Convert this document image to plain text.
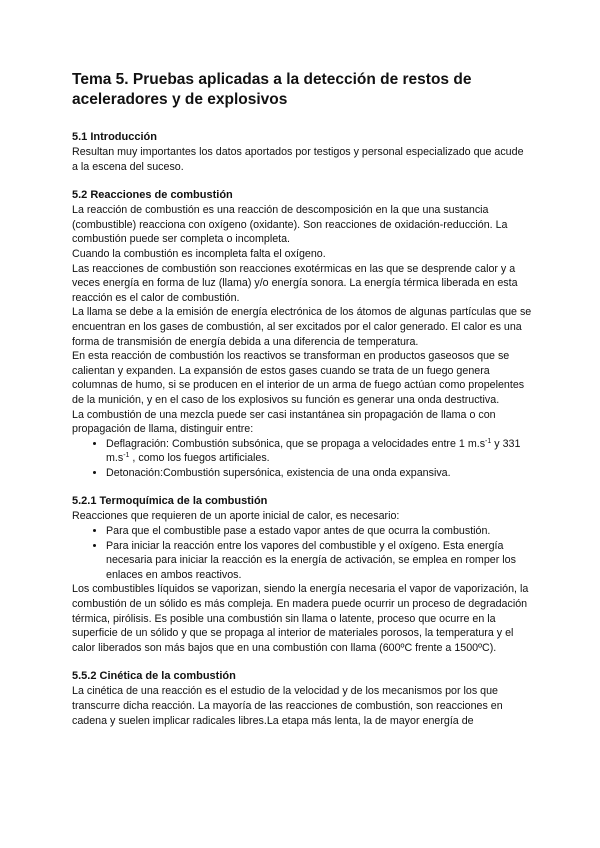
Tema 5. Pruebas aplicadas a la detección de restos de aceleradores y de explosivos
5.1 Introducción

Resultan muy importantes los datos aportados por testigos y personal especializado que acude a la escena del suceso.

5.2 Reacciones de combustión

La reacción de combustión es una reacción de descomposición en la que una sustancia (combustible) reacciona con oxígeno (oxidante). Son reacciones de oxidación-reducción. La combustión puede ser completa o incompleta.

Cuando la combustión es incompleta falta el oxígeno.

Las reacciones de combustión son reacciones exotérmicas en las que se desprende calor y a veces energía en forma de luz (llama) y/o energía sonora. La energía térmica liberada en esta reacción es el calor de combustión.

La llama se debe a la emisión de energía electrónica de los átomos de algunas partículas que se encuentran en los gases de combustión, al ser excitados por el calor generado. El calor es una forma de transmisión de energía debida a una diferencia de temperatura.

En esta reacción de combustión los reactivos se transforman en productos gaseosos que se calientan y expanden. La expansión de estos gases cuando se trata de un fuego genera columnas de humo, si se producen en el interior de un arma de fuego actúan como propelentes de la munición, y en el caso de los explosivos su función es generar una onda destructiva.

La combustión de una mezcla puede ser casi instantánea sin propagación de llama o con propagación de llama, distinguir entre:

• Deflagración: Combustión subsónica, que se propaga a velocidades entre 1 $m.s^{-1}$ y 331 $m.s^{-1}$ , como los fuegos artificiales.
• Detonación:Combustión supersónica, existencia de una onda expansiva.
5.2.1 Termoquímica de la combustión

Reacciones que requieren de un aporte inicial de calor, es necesario:

• Para que el combustible pase a estado vapor antes de que ocurra la combustión.
• Para iniciar la reacción entre los vapores del combustible y el oxígeno. Esta energía necesaria para iniciar la reacción es la energía de activación, se emplea en romper los enlaces en ambos reactivos.

Los combustibles líquidos se vaporizan, siendo la energía necesaria el vapor de vaporización, la combustión de un sólido es más compleja. En madera puede ocurrir un proceso de degradación térmica, pirólisis. Es posible una combustión sin llama o latente, proceso que ocurre en la superficie de un sólido y que se propaga al interior de materiales porosos, la temperatura y el calor liberados son más bajos que en una combustión con llama (600ºC frente a 1500ºC).

5.5.2 Cinética de la combustión

La cinética de una reacción es el estudio de la velocidad y de los mecanismos por los que transcurre dicha reacción. La mayoría de las reacciones de combustión, son reacciones en cadena y suelen implicar radicales libres.La etapa más lenta, la de mayor energía de
